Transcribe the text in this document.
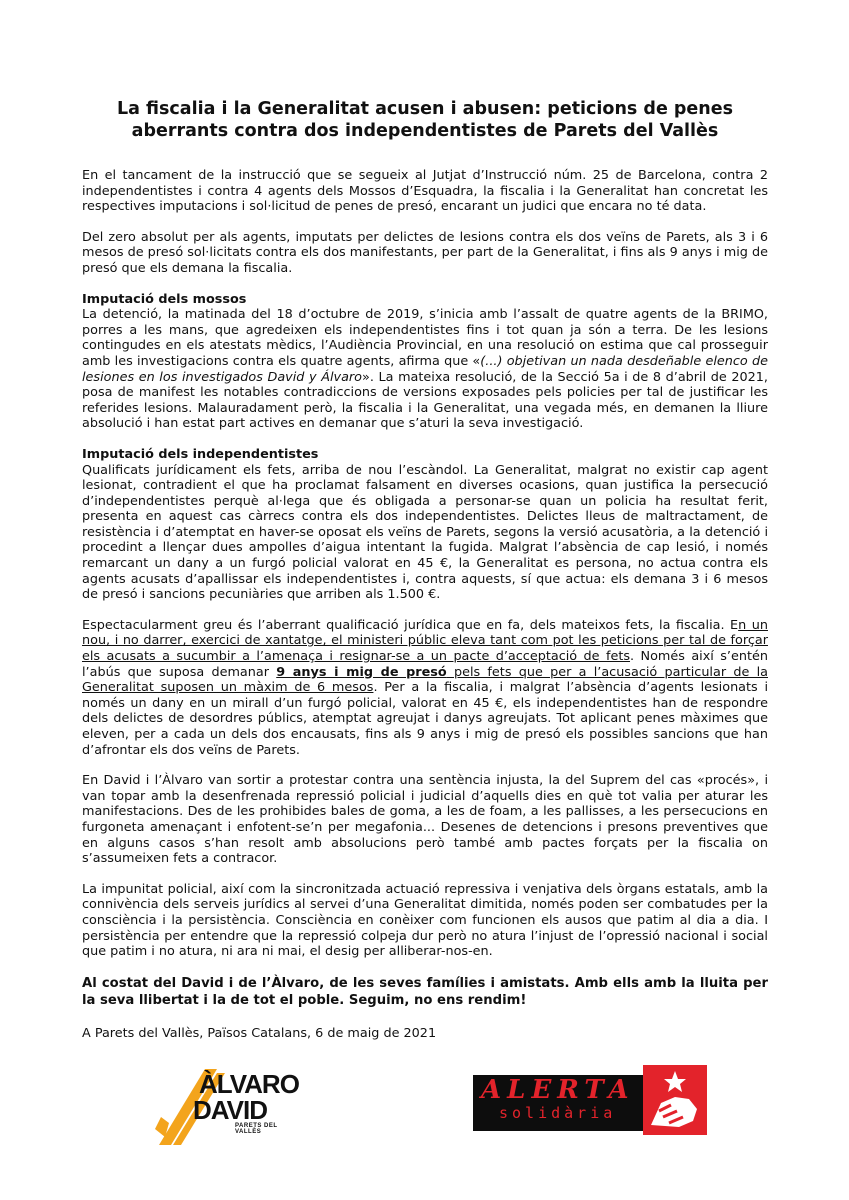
La fiscalia i la Generalitat acusen i abusen: peticions de penes
aberrants contra dos independentistes de Parets del Vallès

En el tancament de la instrucció que se segueix al Jutjat d’Instrucció núm. 25 de Barcelona, contra 2 independentistes i contra 4 agents dels Mossos d’Esquadra, la fiscalia i la Generalitat han concretat les respectives imputacions i sol·licitud de penes de presó, encarant un judici que encara no té data.

Del zero absolut per als agents, imputats per delictes de lesions contra els dos veïns de Parets, als 3 i 6 mesos de presó sol·licitats contra els dos manifestants, per part de la Generalitat, i fins als 9 anys i mig de presó que els demana la fiscalia.

Imputació dels mossos

La detenció, la matinada del 18 d’octubre de 2019, s’inicia amb l’assalt de quatre agents de la BRIMO, porres a les mans, que agredeixen els independentistes fins i tot quan ja són a terra. De les lesions contingudes en els atestats mèdics, l’Audiència Provincial, en una resolució on estima que cal prosseguir amb les investigacions contra els quatre agents, afirma que «(...) objetivan un nada desdeñable elenco de lesiones en los investigados David y Álvaro». La mateixa resolució, de la Secció 5a i de 8 d’abril de 2021, posa de manifest les notables contradiccions de versions exposades pels policies per tal de justificar les referides lesions. Malauradament però, la fiscalia i la Generalitat, una vegada més, en demanen la lliure absolució i han estat part actives en demanar que s’aturi la seva investigació.

Imputació dels independentistes

Qualificats jurídicament els fets, arriba de nou l’escàndol. La Generalitat, malgrat no existir cap agent lesionat, contradient el que ha proclamat falsament en diverses ocasions, quan justifica la persecució d’independentistes perquè al·lega que és obligada a personar-se quan un policia ha resultat ferit, presenta en aquest cas càrrecs contra els dos independentistes. Delictes lleus de maltractament, de resistència i d’atemptat en haver-se oposat els veïns de Parets, segons la versió acusatòria, a la detenció i procedint a llençar dues ampolles d’aigua intentant la fugida. Malgrat l’absència de cap lesió, i només remarcant un dany a un furgó policial valorat en 45 €, la Generalitat es persona, no actua contra els agents acusats d’apallissar els independentistes i, contra aquests, sí que actua: els demana 3 i 6 mesos de presó i sancions pecuniàries que arriben als 1.500 €.

Espectacularment greu és l’aberrant qualificació jurídica que en fa, dels mateixos fets, la fiscalia. En un nou, i no darrer, exercici de xantatge, el ministeri públic eleva tant com pot les peticions per tal de forçar els acusats a sucumbir a l’amenaça i resignar-se a un pacte d’acceptació de fets. Només així s’entén l’abús que suposa demanar 9 anys i mig de presó pels fets que per a l’acusació particular de la Generalitat suposen un màxim de 6 mesos. Per a la fiscalia, i malgrat l’absència d’agents lesionats i només un dany en un mirall d’un furgó policial, valorat en 45 €, els independentistes han de respondre dels delictes de desordres públics, atemptat agreujat i danys agreujats. Tot aplicant penes màximes que eleven, per a cada un dels dos encausats, fins als 9 anys i mig de presó els possibles sancions que han d’afrontar els dos veïns de Parets.

En David i l’Àlvaro van sortir a protestar contra una sentència injusta, la del Suprem del cas «procés», i van topar amb la desenfrenada repressió policial i judicial d’aquells dies en què tot valia per aturar les manifestacions. Des de les prohibides bales de goma, a les de foam, a les pallisses, a les persecucions en furgoneta amenaçant i enfotent-se’n per megafonia... Desenes de detencions i presons preventives que en alguns casos s’han resolt amb absolucions però també amb pactes forçats per la fiscalia on s’assumeixen fets a contracor.

La impunitat policial, així com la sincronitzada actuació repressiva i venjativa dels òrgans estatals, amb la connivència dels serveis jurídics al servei d’una Generalitat dimitida, només poden ser combatudes per la consciència i la persistència. Consciència en conèixer com funcionen els ausos que patim al dia a dia. I persistència per entendre que la repressió colpeja dur però no atura l’injust de l’opressió nacional i social que patim i no atura, ni ara ni mai, el desig per alliberar-nos-en.

Al costat del David i de l’Àlvaro, de les seves famílies i amistats. Amb ells amb la lluita per la seva llibertat i la de tot el poble. Seguim, no ens rendim!

A Parets del Vallès, Països Catalans, 6 de maig de 2021

ÀLVARO
DAVID
PARETS DEL VALLÈS
ABSOLUCIÓ	ALERTA
solidària
